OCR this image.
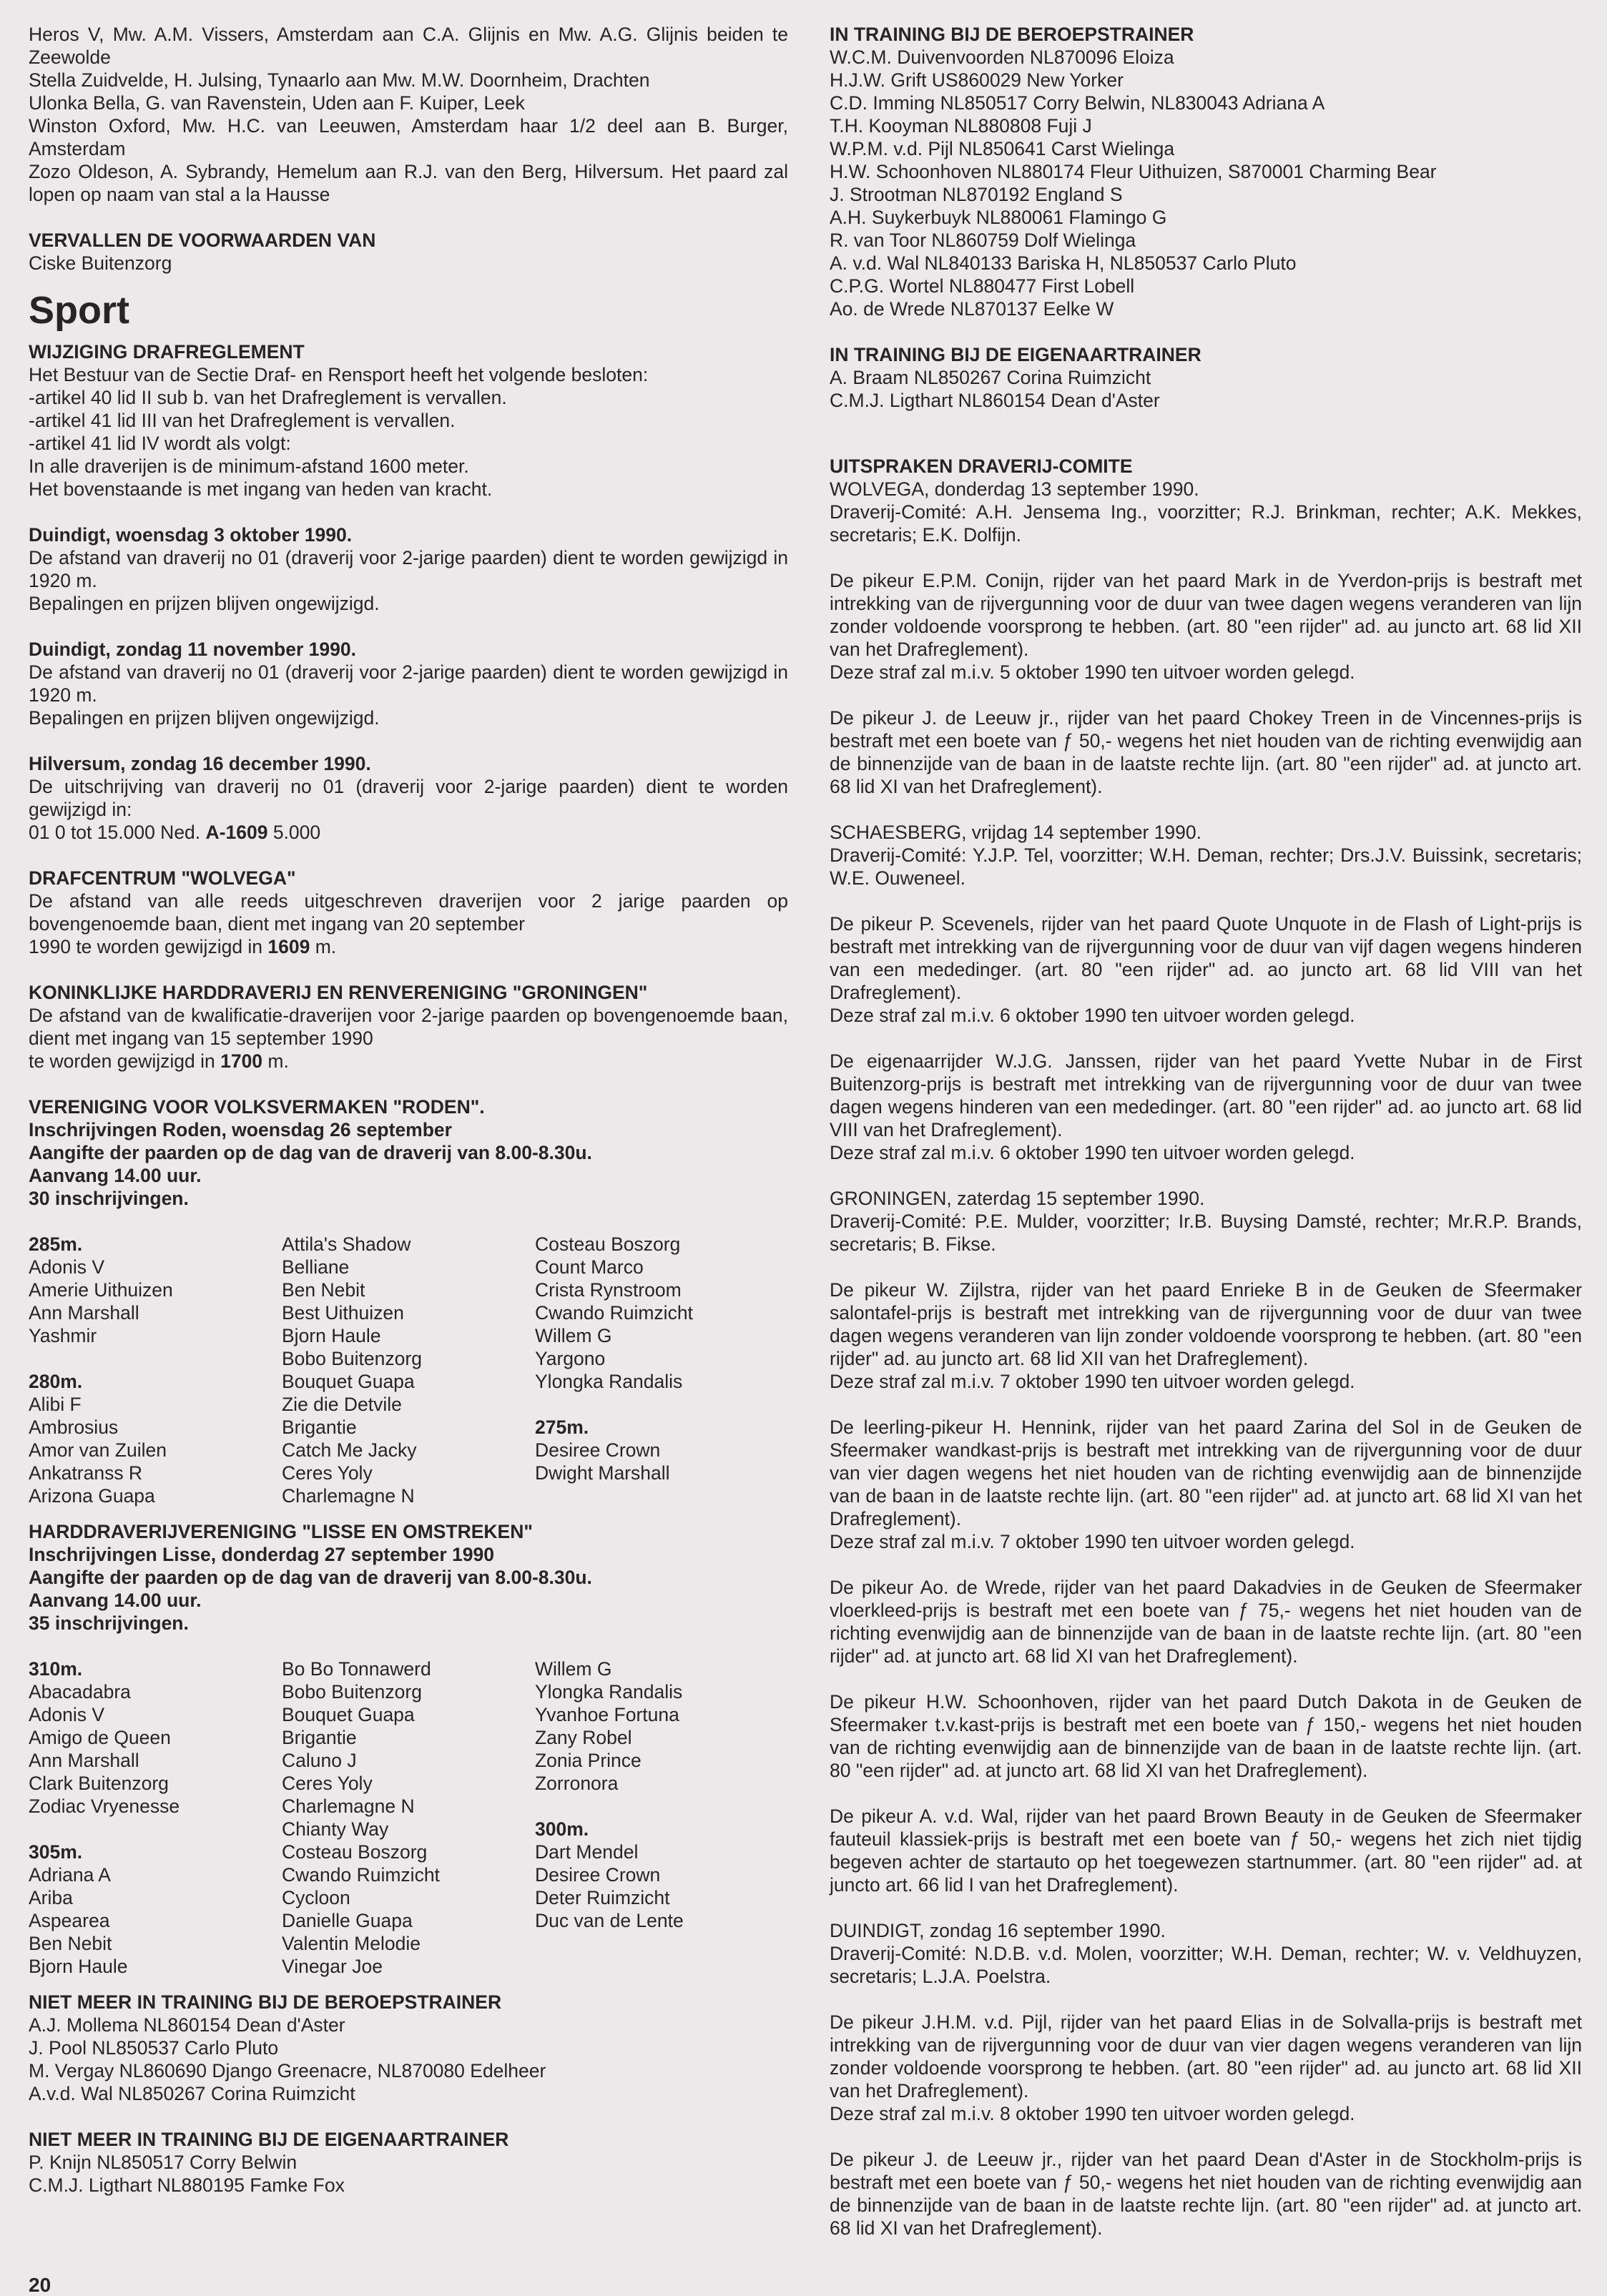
Heros V, Mw. A.M. Vissers, Amsterdam aan C.A. Glijnis en Mw. A.G. Glijnis beiden te Zeewolde
Stella Zuidvelde, H. Julsing, Tynaarlo aan Mw. M.W. Doornheim, Drachten
Ulonka Bella, G. van Ravenstein, Uden aan F. Kuiper, Leek
Winston Oxford, Mw. H.C. van Leeuwen, Amsterdam haar 1/2 deel aan B. Burger, Amsterdam
Zozo Oldeson, A. Sybrandy, Hemelum aan R.J. van den Berg, Hilversum. Het paard zal lopen op naam van stal a la Hausse
VERVALLEN DE VOORWAARDEN VAN
Ciske Buitenzorg
Sport
WIJZIGING DRAFREGLEMENT
Het Bestuur van de Sectie Draf- en Rensport heeft het volgende besloten:
-artikel 40 lid II sub b. van het Drafreglement is vervallen.
-artikel 41 lid III van het Drafreglement is vervallen.
-artikel 41 lid IV wordt als volgt:
In alle draverijen is de minimum-afstand 1600 meter.
Het bovenstaande is met ingang van heden van kracht.
Duindigt, woensdag 3 oktober 1990.
De afstand van draverij no 01 (draverij voor 2-jarige paarden) dient te worden gewijzigd in 1920 m.
Bepalingen en prijzen blijven ongewijzigd.
Duindigt, zondag 11 november 1990.
De afstand van draverij no 01 (draverij voor 2-jarige paarden) dient te worden gewijzigd in 1920 m.
Bepalingen en prijzen blijven ongewijzigd.
Hilversum, zondag 16 december 1990.
De uitschrijving van draverij no 01 (draverij voor 2-jarige paarden) dient te worden gewijzigd in:
01 0 tot 15.000 Ned. A-1609 5.000
DRAFCENTRUM "WOLVEGA"
De afstand van alle reeds uitgeschreven draverijen voor 2 jarige paarden op bovengenoemde baan, dient met ingang van 20 september
1990 te worden gewijzigd in 1609 m.
KONINKLIJKE HARDDRAVERIJ EN RENVERENIGING "GRONINGEN"
De afstand van de kwalificatie-draverijen voor 2-jarige paarden op bovengenoemde baan, dient met ingang van 15 september 1990
te worden gewijzigd in 1700 m.
VERENIGING VOOR VOLKSVERMAKEN "RODEN".
Inschrijvingen Roden, woensdag 26 september
Aangifte der paarden op de dag van de draverij van 8.00-8.30u.
Aanvang 14.00 uur.
30 inschrijvingen.
285m.
Adonis V
Amerie Uithuizen
Ann Marshall
Yashmir
280m.
Alibi F
Ambrosius
Amor van Zuilen
Ankatranss R
Arizona Guapa
Attila's Shadow
Belliane
Ben Nebit
Best Uithuizen
Bjorn Haule
Bobo Buitenzorg
Bouquet Guapa
Zie die Detvile
Brigantie
Catch Me Jacky
Ceres Yoly
Charlemagne N
Costeau Boszorg
Count Marco
Crista Rynstroom
Cwando Ruimzicht
Willem G
Yargono
Ylongka Randalis
275m.
Desiree Crown
Dwight Marshall
HARDDRAVERIJVERENIGING "LISSE EN OMSTREKEN"
Inschrijvingen Lisse, donderdag 27 september 1990
Aangifte der paarden op de dag van de draverij van 8.00-8.30u.
Aanvang 14.00 uur.
35 inschrijvingen.
310m.
Abacadabra
Adonis V
Amigo de Queen
Ann Marshall
Clark Buitenzorg
Zodiac Vryenesse
305m.
Adriana A
Ariba
Aspearea
Ben Nebit
Bjorn Haule
Bo Bo Tonnawerd
Bobo Buitenzorg
Bouquet Guapa
Brigantie
Caluno J
Ceres Yoly
Charlemagne N
Chianty Way
Costeau Boszorg
Cwando Ruimzicht
Cycloon
Danielle Guapa
Valentin Melodie
Vinegar Joe
Willem G
Ylongka Randalis
Yvanhoe Fortuna
Zany Robel
Zonia Prince
Zorronora
300m.
Dart Mendel
Desiree Crown
Deter Ruimzicht
Duc van de Lente
NIET MEER IN TRAINING BIJ DE BEROEPSTRAINER
A.J. Mollema NL860154 Dean d'Aster
J. Pool NL850537 Carlo Pluto
M. Vergay NL860690 Django Greenacre, NL870080 Edelheer
A.v.d. Wal NL850267 Corina Ruimzicht
NIET MEER IN TRAINING BIJ DE EIGENAARTRAINER
P. Knijn NL850517 Corry Belwin
C.M.J. Ligthart NL880195 Famke Fox
IN TRAINING BIJ DE BEROEPSTRAINER
W.C.M. Duivenvoorden NL870096 Eloiza
H.J.W. Grift US860029 New Yorker
C.D. Imming NL850517 Corry Belwin, NL830043 Adriana A
T.H. Kooyman NL880808 Fuji J
W.P.M. v.d. Pijl NL850641 Carst Wielinga
H.W. Schoonhoven NL880174 Fleur Uithuizen, S870001 Charming Bear
J. Strootman NL870192 England S
A.H. Suykerbuyk NL880061 Flamingo G
R. van Toor NL860759 Dolf Wielinga
A. v.d. Wal NL840133 Bariska H, NL850537 Carlo Pluto
C.P.G. Wortel NL880477 First Lobell
Ao. de Wrede NL870137 Eelke W
IN TRAINING BIJ DE EIGENAARTRAINER
A. Braam NL850267 Corina Ruimzicht
C.M.J. Ligthart NL860154 Dean d'Aster
UITSPRAKEN DRAVERIJ-COMITE
WOLVEGA, donderdag 13 september 1990.
Draverij-Comité: A.H. Jensema Ing., voorzitter; R.J. Brinkman, rechter; A.K. Mekkes, secretaris; E.K. Dolfijn.
De pikeur E.P.M. Conijn, rijder van het paard Mark in de Yverdon-prijs is bestraft met intrekking van de rijvergunning voor de duur van twee dagen wegens veranderen van lijn zonder voldoende voorsprong te hebben. (art. 80 "een rijder" ad. au juncto art. 68 lid XII van het Drafreglement).
Deze straf zal m.i.v. 5 oktober 1990 ten uitvoer worden gelegd.
De pikeur J. de Leeuw jr., rijder van het paard Chokey Treen in de Vincennes-prijs is bestraft met een boete van ƒ 50,- wegens het niet houden van de richting evenwijdig aan de binnenzijde van de baan in de laatste rechte lijn. (art. 80 "een rijder" ad. at juncto art. 68 lid XI van het Drafreglement).
SCHAESBERG, vrijdag 14 september 1990.
Draverij-Comité: Y.J.P. Tel, voorzitter; W.H. Deman, rechter; Drs.J.V. Buissink, secretaris; W.E. Ouweneel.
De pikeur P. Scevenels, rijder van het paard Quote Unquote in de Flash of Light-prijs is bestraft met intrekking van de rijvergunning voor de duur van vijf dagen wegens hinderen van een mededinger. (art. 80 "een rijder" ad. ao juncto art. 68 lid VIII van het Drafreglement).
Deze straf zal m.i.v. 6 oktober 1990 ten uitvoer worden gelegd.
De eigenaarrijder W.J.G. Janssen, rijder van het paard Yvette Nubar in de First Buitenzorg-prijs is bestraft met intrekking van de rijvergunning voor de duur van twee dagen wegens hinderen van een mededinger. (art. 80 "een rijder" ad. ao juncto art. 68 lid VIII van het Drafreglement).
Deze straf zal m.i.v. 6 oktober 1990 ten uitvoer worden gelegd.
GRONINGEN, zaterdag 15 september 1990.
Draverij-Comité: P.E. Mulder, voorzitter; Ir.B. Buysing Damsté, rechter; Mr.R.P. Brands, secretaris; B. Fikse.
De pikeur W. Zijlstra, rijder van het paard Enrieke B in de Geuken de Sfeermaker salontafel-prijs is bestraft met intrekking van de rijvergunning voor de duur van twee dagen wegens veranderen van lijn zonder voldoende voorsprong te hebben. (art. 80 "een rijder" ad. au juncto art. 68 lid XII van het Drafreglement).
Deze straf zal m.i.v. 7 oktober 1990 ten uitvoer worden gelegd.
De leerling-pikeur H. Hennink, rijder van het paard Zarina del Sol in de Geuken de Sfeermaker wandkast-prijs is bestraft met intrekking van de rijvergunning voor de duur van vier dagen wegens het niet houden van de richting evenwijdig aan de binnenzijde van de baan in de laatste rechte lijn. (art. 80 "een rijder" ad. at juncto art. 68 lid XI van het Drafreglement).
Deze straf zal m.i.v. 7 oktober 1990 ten uitvoer worden gelegd.
De pikeur Ao. de Wrede, rijder van het paard Dakadvies in de Geuken de Sfeermaker vloerkleed-prijs is bestraft met een boete van ƒ 75,- wegens het niet houden van de richting evenwijdig aan de binnenzijde van de baan in de laatste rechte lijn. (art. 80 "een rijder" ad. at juncto art. 68 lid XI van het Drafreglement).
De pikeur H.W. Schoonhoven, rijder van het paard Dutch Dakota in de Geuken de Sfeermaker t.v.kast-prijs is bestraft met een boete van ƒ 150,- wegens het niet houden van de richting evenwijdig aan de binnenzijde van de baan in de laatste rechte lijn. (art. 80 "een rijder" ad. at juncto art. 68 lid XI van het Drafreglement).
De pikeur A. v.d. Wal, rijder van het paard Brown Beauty in de Geuken de Sfeermaker fauteuil klassiek-prijs is bestraft met een boete van ƒ 50,- wegens het zich niet tijdig begeven achter de startauto op het toegewezen startnummer. (art. 80 "een rijder" ad. at juncto art. 66 lid I van het Drafreglement).
DUINDIGT, zondag 16 september 1990.
Draverij-Comité: N.D.B. v.d. Molen, voorzitter; W.H. Deman, rechter; W. v. Veldhuyzen, secretaris; L.J.A. Poelstra.
De pikeur J.H.M. v.d. Pijl, rijder van het paard Elias in de Solvalla-prijs is bestraft met intrekking van de rijvergunning voor de duur van vier dagen wegens veranderen van lijn zonder voldoende voorsprong te hebben. (art. 80 "een rijder" ad. au juncto art. 68 lid XII van het Drafreglement).
Deze straf zal m.i.v. 8 oktober 1990 ten uitvoer worden gelegd.
De pikeur J. de Leeuw jr., rijder van het paard Dean d'Aster in de Stockholm-prijs is bestraft met een boete van ƒ 50,- wegens het niet houden van de richting evenwijdig aan de binnenzijde van de baan in de laatste rechte lijn. (art. 80 "een rijder" ad. at juncto art. 68 lid XI van het Drafreglement).
20
